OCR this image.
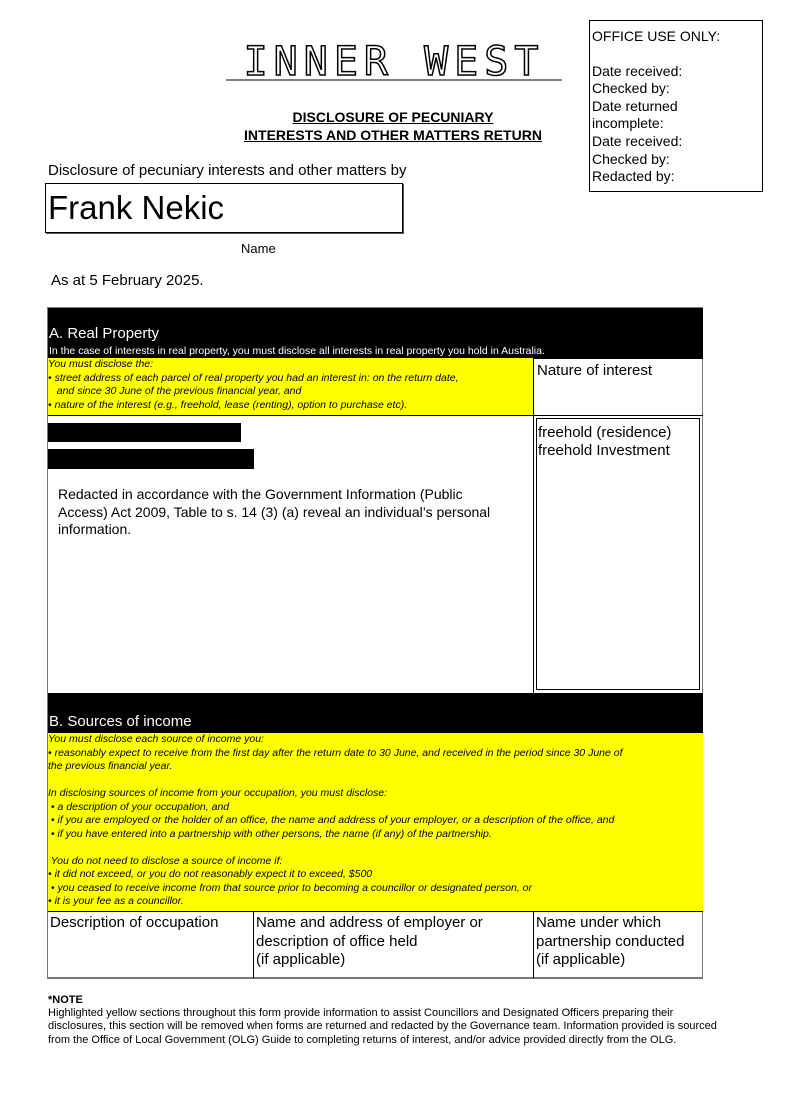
INNER WEST
DISCLOSURE OF PECUNIARY
INTERESTS AND OTHER MATTERS RETURN
OFFICE USE ONLY:
Date received:
Checked by:
Date returned
incomplete:
Date received:
Checked by:
Redacted by:
Disclosure of pecuniary interests and other matters by
Frank Nekic
Name
As at 5 February 2025.
A. Real Property
In the case of interests in real property, you must disclose all interests in real property you hold in Australia.
You must disclose the:
• street address of each parcel of real property you had an interest in: on the return date,
and since 30 June of the previous financial year, and
• nature of the interest (e.g., freehold, lease (renting), option to purchase etc).
Nature of interest
freehold (residence)
freehold Investment
Redacted in accordance with the Government Information (Public Access) Act 2009, Table to s. 14 (3) (a) reveal an individual’s personal information.
B. Sources of income
You must disclose each source of income you:
• reasonably expect to receive from the first day after the return date to 30 June, and received in the period since 30 June of
the previous financial year.
In disclosing sources of income from your occupation, you must disclose:
• a description of your occupation, and
• if you are employed or the holder of an office, the name and address of your employer, or a description of the office, and
• if you have entered into a partnership with other persons, the name (if any) of the partnership.
You do not need to disclose a source of income if:
• it did not exceed, or you do not reasonably expect it to exceed, $500
• you ceased to receive income from that source prior to becoming a councillor or designated person, or
• it is your fee as a councillor.
Description of occupation	Name and address of employer or
description of office held
(if applicable)
Name under which
partnership conducted
(if applicable)
*NOTE
Highlighted yellow sections throughout this form provide information to assist Councillors and Designated Officers preparing their disclosures, this section will be removed when forms are returned and redacted by the Governance team. Information provided is sourced from the Office of Local Government (OLG) Guide to completing returns of interest, and/or advice provided directly from the OLG.
